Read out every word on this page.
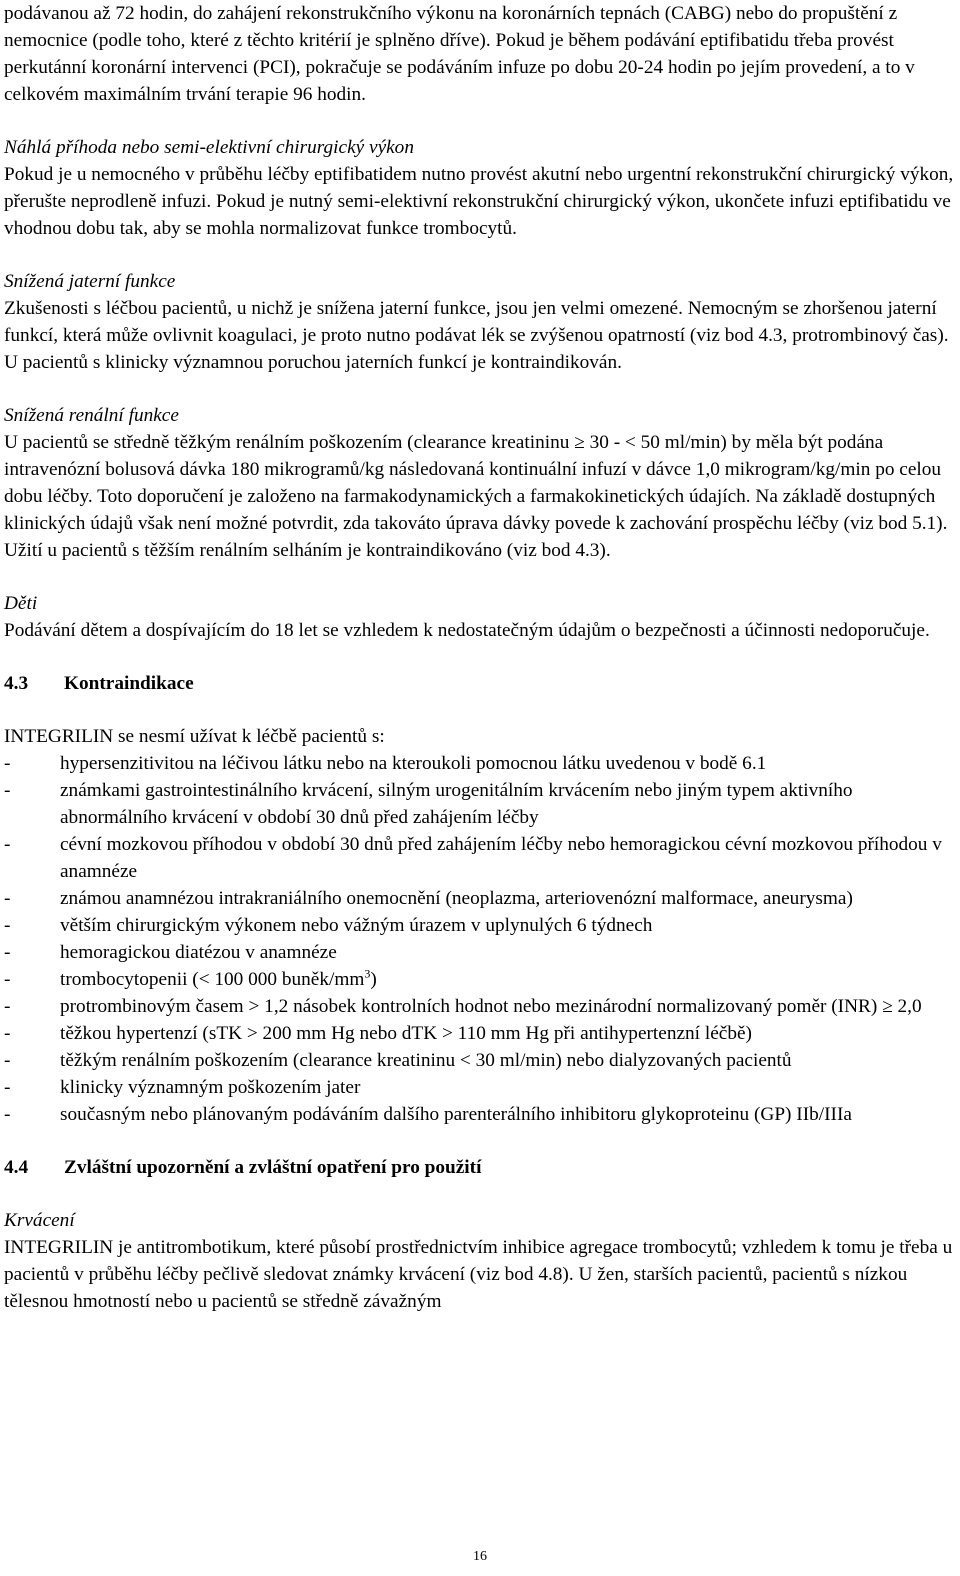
podávanou až 72 hodin, do zahájení rekonstrukčního výkonu na koronárních tepnách (CABG) nebo do propuštění z nemocnice (podle toho, které z těchto kritérií je splněno dříve). Pokud je během podávání eptifibatidu třeba provést perkutánní koronární intervenci (PCI), pokračuje se podáváním infuze po dobu 20-24 hodin po jejím provedení, a to v celkovém maximálním trvání terapie 96 hodin.

Náhlá příhoda nebo semi-elektivní chirurgický výkon

Pokud je u nemocného v průběhu léčby eptifibatidem nutno provést akutní nebo urgentní rekonstrukční chirurgický výkon, přerušte neprodleně infuzi. Pokud je nutný semi-elektivní rekonstrukční chirurgický výkon, ukončete infuzi eptifibatidu ve vhodnou dobu tak, aby se mohla normalizovat funkce trombocytů.

Snížená jaterní funkce

Zkušenosti s léčbou pacientů, u nichž je snížena jaterní funkce, jsou jen velmi omezené. Nemocným se zhoršenou jaterní funkcí, která může ovlivnit koagulaci, je proto nutno podávat lék se zvýšenou opatrností (viz bod 4.3, protrombinový čas). U pacientů s klinicky významnou poruchou jaterních funkcí je kontraindikován.

Snížená renální funkce

U pacientů se středně těžkým renálním poškozením (clearance kreatininu ≥ 30 - < 50 ml/min) by měla být podána intravenózní bolusová dávka 180 mikrogramů/kg následovaná kontinuální infuzí v dávce 1,0 mikrogram/kg/min po celou dobu léčby. Toto doporučení je založeno na farmakodynamických a farmakokinetických údajích. Na základě dostupných klinických údajů však není možné potvrdit, zda takováto úprava dávky povede k zachování prospěchu léčby (viz bod 5.1).

Užití u pacientů s těžším renálním selháním je kontraindikováno (viz bod 4.3).

Děti

Podávání dětem a dospívajícím do 18 let se vzhledem k nedostatečným údajům o bezpečnosti a účinnosti nedoporučuje.

4.3 Kontraindikace

INTEGRILIN se nesmí užívat k léčbě pacientů s:

-	hypersenzitivitou na léčivou látku nebo na kteroukoli pomocnou látku uvedenou v bodě 6.1
-	známkami gastrointestinálního krvácení, silným urogenitálním krvácením nebo jiným typem aktivního abnormálního krvácení v období 30 dnů před zahájením léčby
-	cévní mozkovou příhodou v období 30 dnů před zahájením léčby nebo hemoragickou cévní mozkovou příhodou v anamnéze
-	známou anamnézou intrakraniálního onemocnění (neoplazma, arteriovenózní malformace, aneurysma)
-	větším chirurgickým výkonem nebo vážným úrazem v uplynulých 6 týdnech
-	hemoragickou diatézou v anamnéze
-	trombocytopenii (< 100 000 buněk/$mm^3$)
-	protrombinovým časem > 1,2 násobek kontrolních hodnot nebo mezinárodní normalizovaný poměr (INR) ≥ 2,0
-	těžkou hypertenzí (sTK > 200 mm Hg nebo dTK > 110 mm Hg při antihypertenzní léčbě)
-	těžkým renálním poškozením (clearance kreatininu < 30 ml/min) nebo dialyzovaných pacientů
-	klinicky významným poškozením jater
-	současným nebo plánovaným podáváním dalšího parenterálního inhibitoru glykoproteinu (GP) IIb/IIIa

4.4 Zvláštní upozornění a zvláštní opatření pro použití

Krvácení

INTEGRILIN je antitrombotikum, které působí prostřednictvím inhibice agregace trombocytů; vzhledem k tomu je třeba u pacientů v průběhu léčby pečlivě sledovat známky krvácení (viz bod 4.8). U žen, starších pacientů, pacientů s nízkou tělesnou hmotností nebo u pacientů se středně závažným

16
